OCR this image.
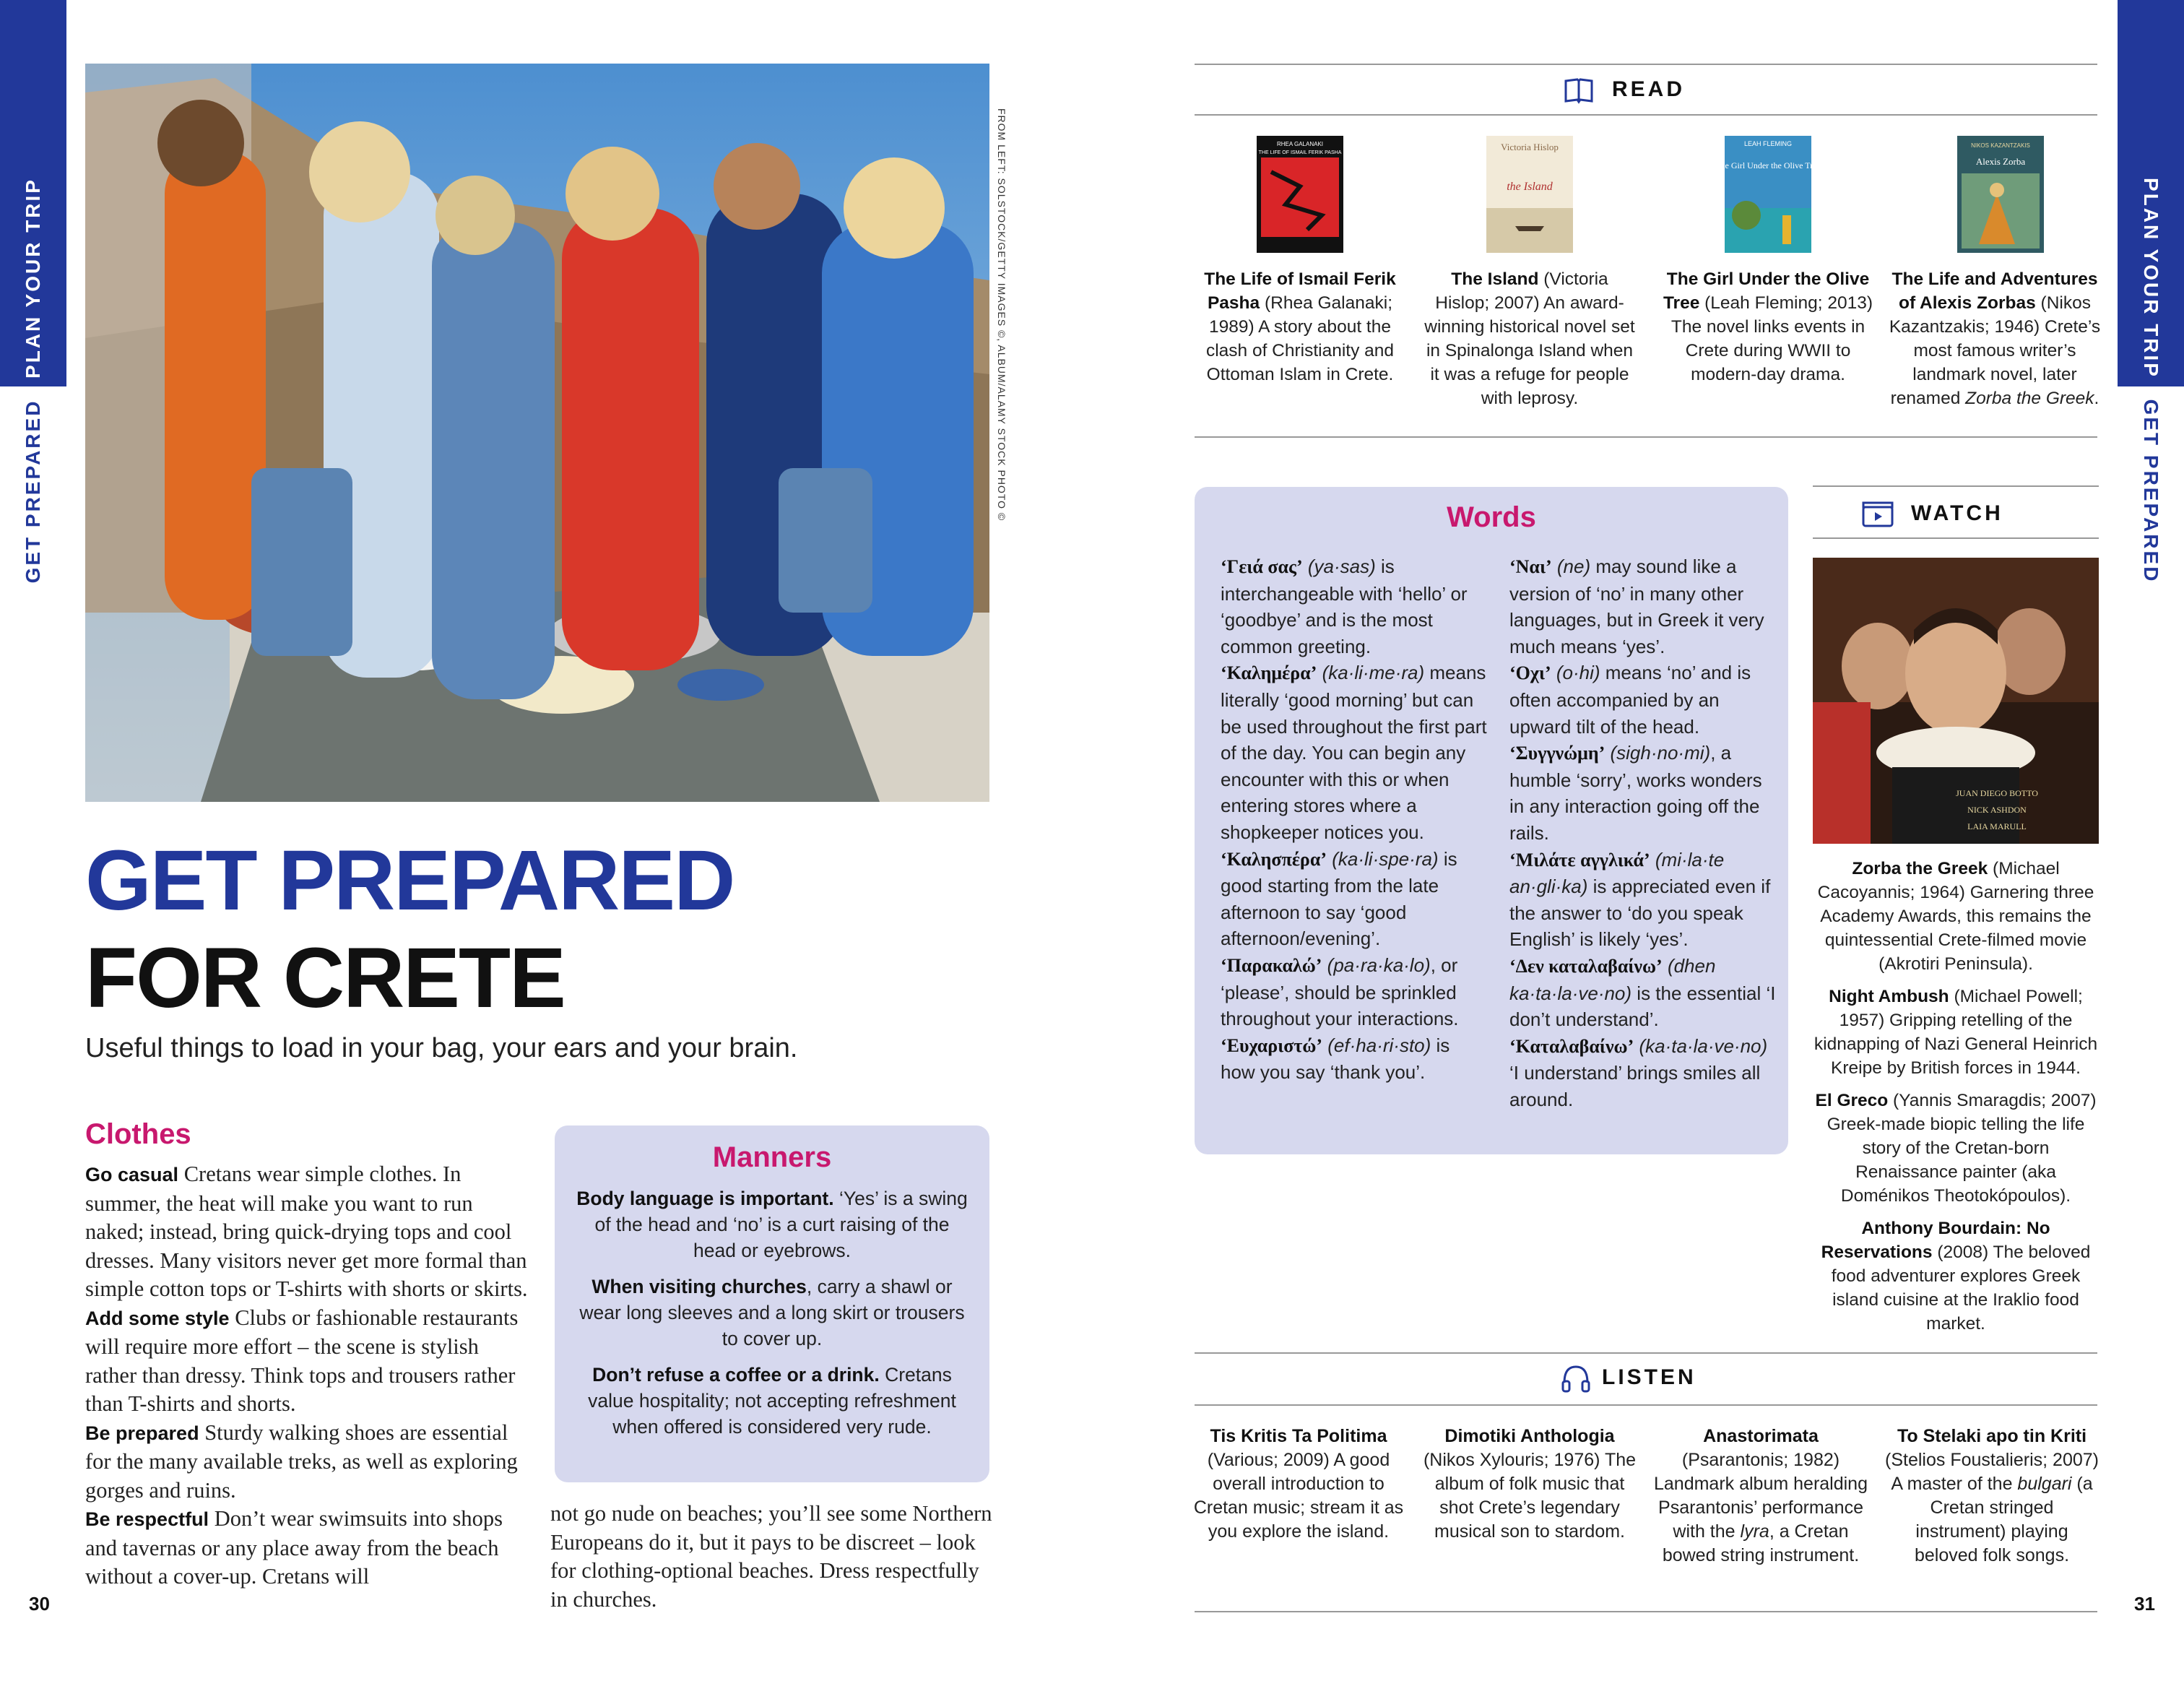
PLAN YOUR TRIP
GET PREPARED
PLAN YOUR TRIP
GET PREPARED
30	31
FROM LEFT: SOLSTOCK/GETTY IMAGES ©, ALBUM/ALAMY STOCK PHOTO ©
GET PREPARED
FOR CRETE
Useful things to load in your bag, your ears and your brain.
Clothes

Go casual Cretans wear simple clothes. In summer, the heat will make you want to run naked; instead, bring quick-drying tops and cool dresses. Many visitors never get more formal than simple cotton tops or T-shirts with shorts or skirts.

Add some style Clubs or fashionable restaurants will require more effort – the scene is stylish rather than dressy. Think tops and trousers rather than T-shirts and shorts.

Be prepared Sturdy walking shoes are essential for the many available treks, as well as exploring gorges and ruins.

Be respectful Don’t wear swimsuits into shops and tavernas or any place away from the beach without a cover-up. Cretans will

not go nude on beaches; you’ll see some Northern Europeans do it, but it pays to be discreet – look for clothing-optional beaches. Dress respectfully in churches.

Manners

Body language is important. ‘Yes’ is a swing of the head and ‘no’ is a curt raising of the head or eyebrows.

When visiting churches, carry a shawl or wear long sleeves and a long skirt or trousers to cover up.

Don’t refuse a coffee or a drink. Cretans value hospitality; not accepting refreshment when offered is considered very rude.

READ
RHEA GALANAKI
THE LIFE OF ISMAIL FERIK PASHA
Victoria Hislop
the Island
LEAH FLEMING
The Girl Under the Olive Tree
NIKOS KAZANTZAKIS
Alexis Zorba
The Life of Ismail Ferik Pasha (Rhea Galanaki; 1989) A story about the clash of Christianity and Ottoman Islam in Crete.
The Island (Victoria Hislop; 2007) An award-winning historical novel set in Spinalonga Island when it was a refuge for people with leprosy.
The Girl Under the Olive Tree (Leah Fleming; 2013) The novel links events in Crete during WWII to modern-day drama.
The Life and Adventures of Alexis Zorbas (Nikos Kazantzakis; 1946) Crete’s most famous writer’s landmark novel, later renamed Zorba the Greek.
Words

‘Γειά σας’ (ya·sas) is interchangeable with ‘hello’ or ‘goodbye’ and is the most common greeting.

‘Καλημέρα’ (ka·li·me·ra) means literally ‘good morning’ but can be used throughout the first part of the day. You can begin any encounter with this or when entering stores where a shopkeeper notices you.

‘Καλησπέρα’ (ka·li·spe·ra) is good starting from the late afternoon to say ‘good afternoon/evening’.

‘Παρακαλώ’ (pa·ra·ka·lo), or ‘please’, should be sprinkled throughout your interactions.

‘Ευχαριστώ’ (ef·ha·ri·sto) is how you say ‘thank you’.

‘Ναι’ (ne) may sound like a version of ‘no’ in many other languages, but in Greek it very much means ‘yes’.

‘Οχι’ (o·hi) means ‘no’ and is often accompanied by an upward tilt of the head.

‘Συγγνώμη’ (sigh·no·mi), a humble ‘sorry’, works wonders in any interaction going off the rails.

‘Μιλάτε αγγλικά’ (mi·la·te an·gli·ka) is appreciated even if the answer to ‘do you speak English’ is likely ‘yes’.

‘Δεν καταλαβαίνω’ (dhen ka·ta·la·ve·no) is the essential ‘I don’t understand’.

‘Καταλαβαίνω’ (ka·ta·la·ve·no) ‘I understand’ brings smiles all around.

WATCH
JUAN DIEGO BOTTO
NICK ASHDON
LAIA MARULL

Zorba the Greek (Michael Cacoyannis; 1964) Garnering three Academy Awards, this remains the quintessential Crete-filmed movie (Akrotiri Peninsula).

Night Ambush (Michael Powell; 1957) Gripping retelling of the kidnapping of Nazi General Heinrich Kreipe by British forces in 1944.

El Greco (Yannis Smaragdis; 2007) Greek-made biopic telling the life story of the Cretan-born Renaissance painter (aka Doménikos Theotokópoulos).

Anthony Bourdain: No Reservations (2008) The beloved food adventurer explores Greek island cuisine at the Iraklio food market.

LISTEN

Tis Kritis Ta Politima

(Various; 2009) A good overall introduction to Cretan music; stream it as you explore the island.

Dimotiki Anthologia

(Nikos Xylouris; 1976) The album of folk music that shot Crete’s legendary musical son to stardom.

Anastorimata

(Psarantonis; 1982) Landmark album heralding Psarantonis’ performance with the lyra, a Cretan bowed string instrument.

To Stelaki apo tin Kriti

(Stelios Foustalieris; 2007) A master of the bulgari (a Cretan stringed instrument) playing beloved folk songs.
